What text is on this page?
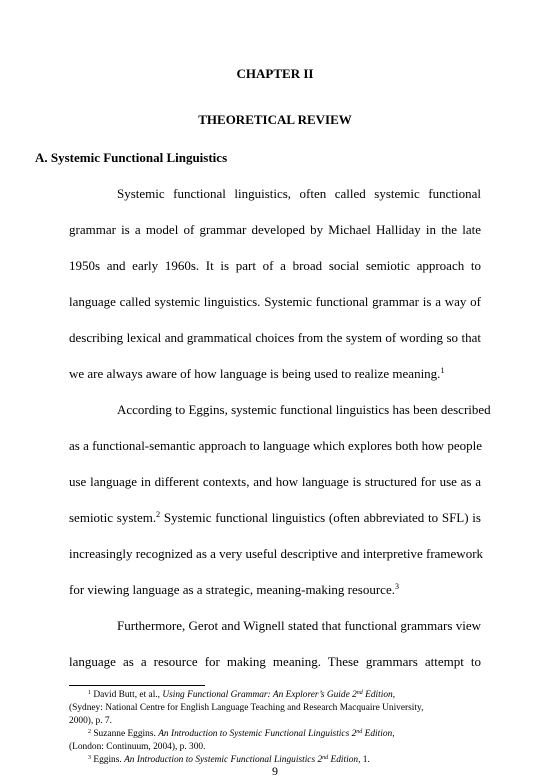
CHAPTER II
THEORETICAL REVIEW
A. Systemic Functional Linguistics
Systemic functional linguistics, often called systemic functional
grammar is a model of grammar developed by Michael Halliday in the late
1950s and early 1960s. It is part of a broad social semiotic approach to
language called systemic linguistics. Systemic functional grammar is a way of
describing lexical and grammatical choices from the system of wording so that
we are always aware of how language is being used to realize meaning.$^1$
According to Eggins, systemic functional linguistics has been described
as a functional-semantic approach to language which explores both how people
use language in different contexts, and how language is structured for use as a
semiotic system.$^2$ Systemic functional linguistics (often abbreviated to SFL) is
increasingly recognized as a very useful descriptive and interpretive framework
for viewing language as a strategic, meaning-making resource.$^3$
Furthermore, Gerot and Wignell stated that functional grammars view
language as a resource for making meaning. These grammars attempt to
$^1$ David Butt, et al., Using Functional Grammar: An Explorer’s Guide 2nd Edition,
(Sydney: National Centre for English Language Teaching and Research Macquaire University,
2000), p. 7.
$^2$ Suzanne Eggins. An Introduction to Systemic Functional Linguistics 2nd Edition,
(London: Continuum, 2004), p. 300.
$^3$ Eggins. An Introduction to Systemic Functional Linguistics 2nd Edition, 1.
9
